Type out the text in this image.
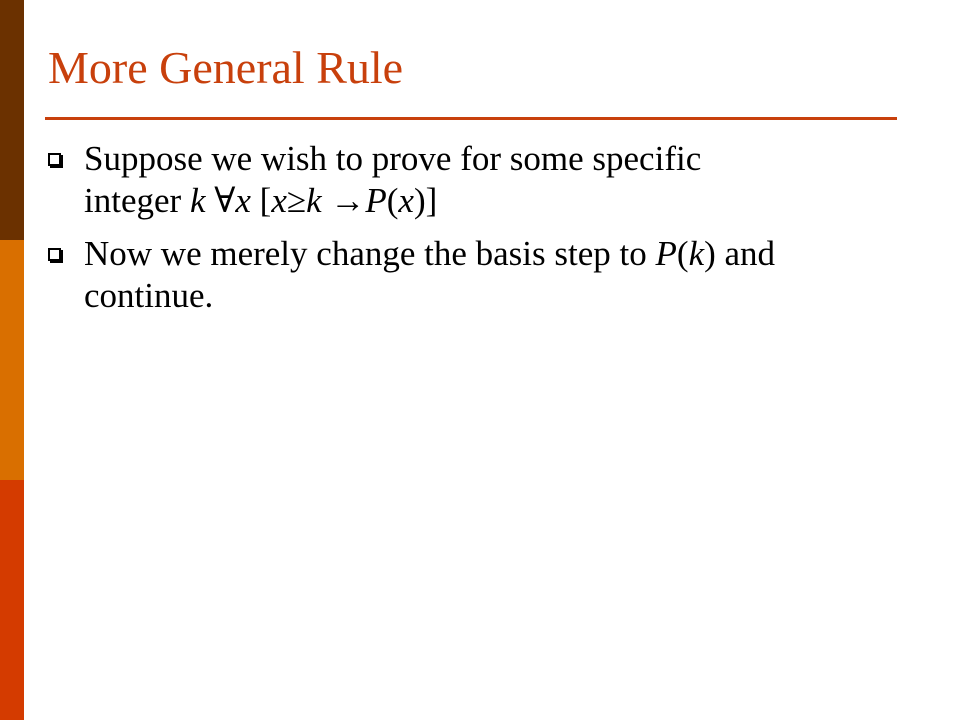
More General Rule
Suppose we wish to prove for some specific
integer k ∀x [x≥k →P(x)]
Now we merely change the basis step to P(k) and
continue.
